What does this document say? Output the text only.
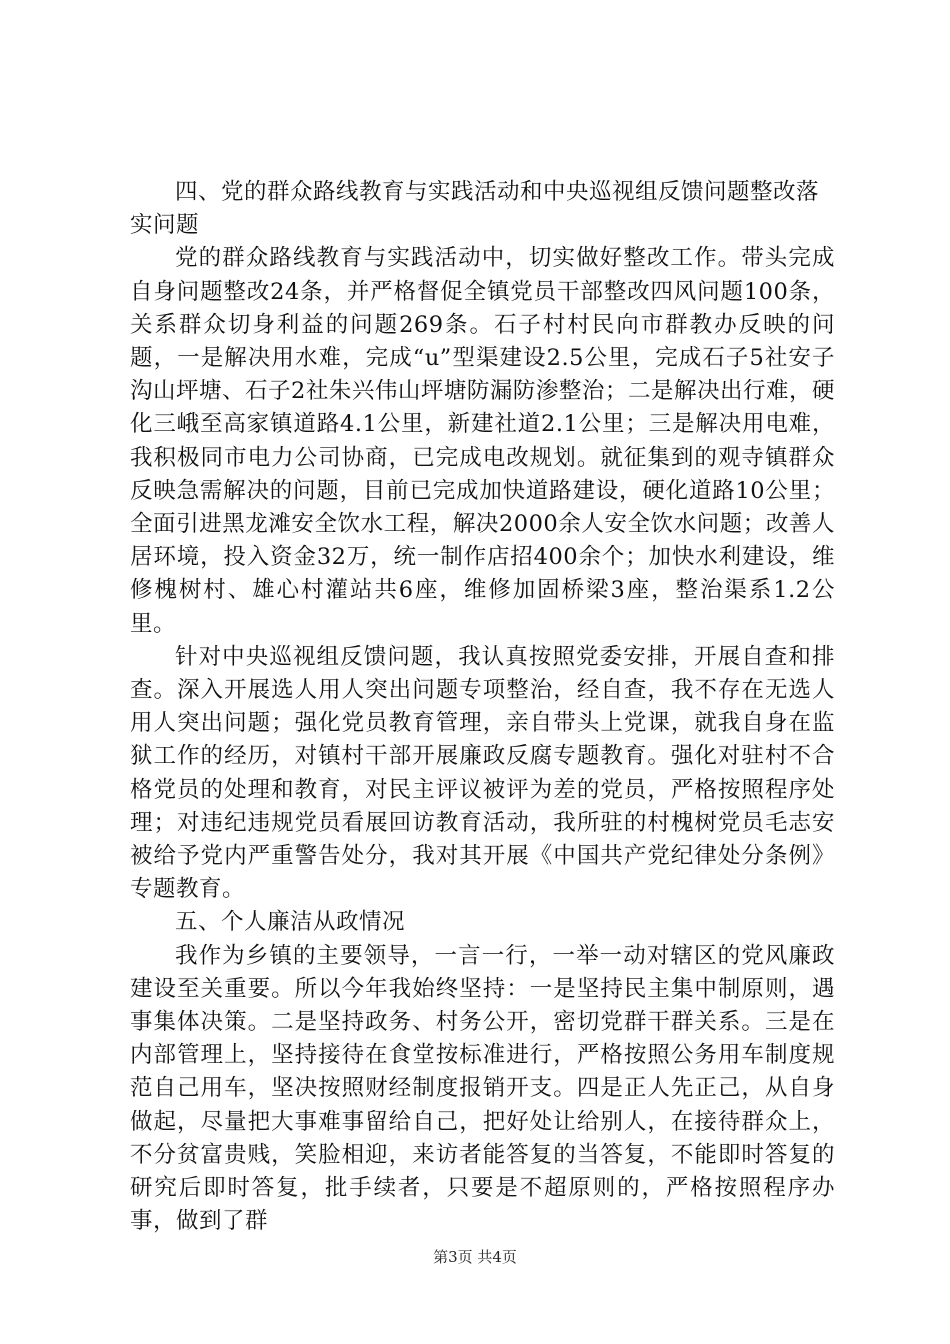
四、党的群众路线教育与实践活动和中央巡视组反馈问题整改落实问题

党的群众路线教育与实践活动中，切实做好整改工作。带头完成自身问题整改24条，并严格督促全镇党员干部整改四风问题100条，关系群众切身利益的问题269条。石子村村民向市群教办反映的问题，一是解决用水难，完成“u”型渠建设2.5公里，完成石子5社安子沟山坪塘、石子2社朱兴伟山坪塘防漏防渗整治；二是解决出行难，硬化三峨至高家镇道路4.1公里，新建社道2.1公里；三是解决用电难，我积极同市电力公司协商，已完成电改规划。就征集到的观寺镇群众反映急需解决的问题，目前已完成加快道路建设，硬化道路10公里；全面引进黑龙滩安全饮水工程，解决2000余人安全饮水问题；改善人居环境，投入资金32万，统一制作店招400余个；加快水利建设，维修槐树村、雄心村灌站共6座，维修加固桥梁3座，整治渠系1.2公里。

针对中央巡视组反馈问题，我认真按照党委安排，开展自查和排查。深入开展选人用人突出问题专项整治，经自查，我不存在无选人用人突出问题；强化党员教育管理，亲自带头上党课，就我自身在监狱工作的经历，对镇村干部开展廉政反腐专题教育。强化对驻村不合格党员的处理和教育，对民主评议被评为差的党员，严格按照程序处理；对违纪违规党员看展回访教育活动，我所驻的村槐树党员毛志安被给予党内严重警告处分，我对其开展《中国共产党纪律处分条例》专题教育。

五、个人廉洁从政情况

我作为乡镇的主要领导，一言一行，一举一动对辖区的党风廉政建设至关重要。所以今年我始终坚持：一是坚持民主集中制原则，遇事集体决策。二是坚持政务、村务公开，密切党群干群关系。三是在内部管理上，坚持接待在食堂按标准进行，严格按照公务用车制度规范自己用车，坚决按照财经制度报销开支。四是正人先正己，从自身做起，尽量把大事难事留给自己，把好处让给别人，在接待群众上，不分贫富贵贱，笑脸相迎，来访者能答复的当答复，不能即时答复的研究后即时答复，批手续者，只要是不超原则的，严格按照程序办事，做到了群

第3页 共4页
